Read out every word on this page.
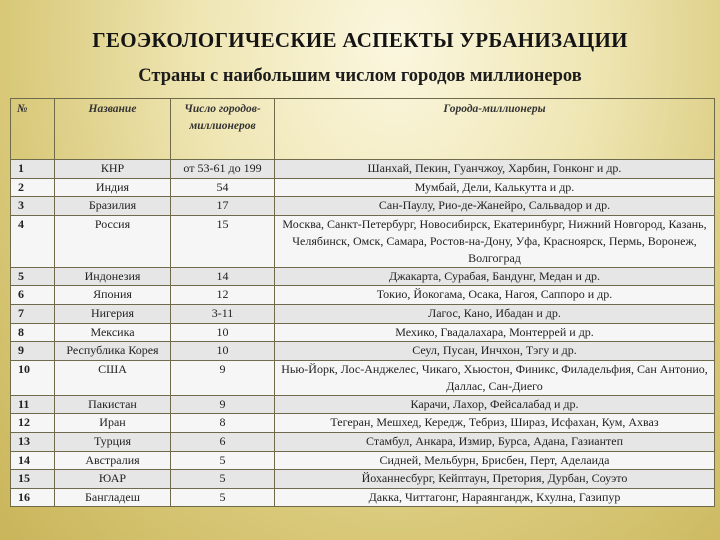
ГЕОЭКОЛОГИЧЕСКИЕ АСПЕКТЫ УРБАНИЗАЦИИ
Страны с наибольшим числом городов миллионеров
№	Название	Число городов-миллионеров	Города-миллионеры
1	КНР	от 53-61 до 199	Шанхай, Пекин, Гуанчжоу, Харбин, Гонконг и др.
2	Индия	54	Мумбай, Дели, Калькутта и др.
3	Бразилия	17	Сан-Паулу, Рио-де-Жанейро, Сальвадор и др.
4	Россия	15	Москва, Санкт-Петербург, Новосибирск, Екатеринбург, Нижний Новгород, Казань, Челябинск, Омск, Самара, Ростов-на-Дону, Уфа, Красноярск, Пермь, Воронеж, Волгоград
5	Индонезия	14	Джакарта, Сурабая, Бандунг, Медан и др.
6	Япония	12	Токио, Йокогама, Осака, Нагоя, Саппоро и др.
7	Нигерия	3-11	Лагос, Кано, Ибадан и др.
8	Мексика	10	Мехико, Гвадалахара, Монтеррей и др.
9	Республика Корея	10	Сеул, Пусан, Инчхон, Тэгу и др.
10	США	9	Нью-Йорк, Лос-Анджелес, Чикаго, Хьюстон, Финикс, Филадельфия, Сан Антонио, Даллас, Сан-Диего
11	Пакистан	9	Карачи, Лахор, Фейсалабад и др.
12	Иран	8	Тегеран, Мешхед, Кередж, Тебриз, Шираз, Исфахан, Кум, Ахваз
13	Турция	6	Стамбул, Анкара, Измир, Бурса, Адана, Газиантеп
14	Австралия	5	Сидней, Мельбурн, Брисбен, Перт, Аделаида
15	ЮАР	5	Йоханнесбург, Кейптаун, Претория, Дурбан, Соуэто
16	Бангладеш	5	Дакка, Читтагонг, Нараянгандж, Кхулна, Газипур
